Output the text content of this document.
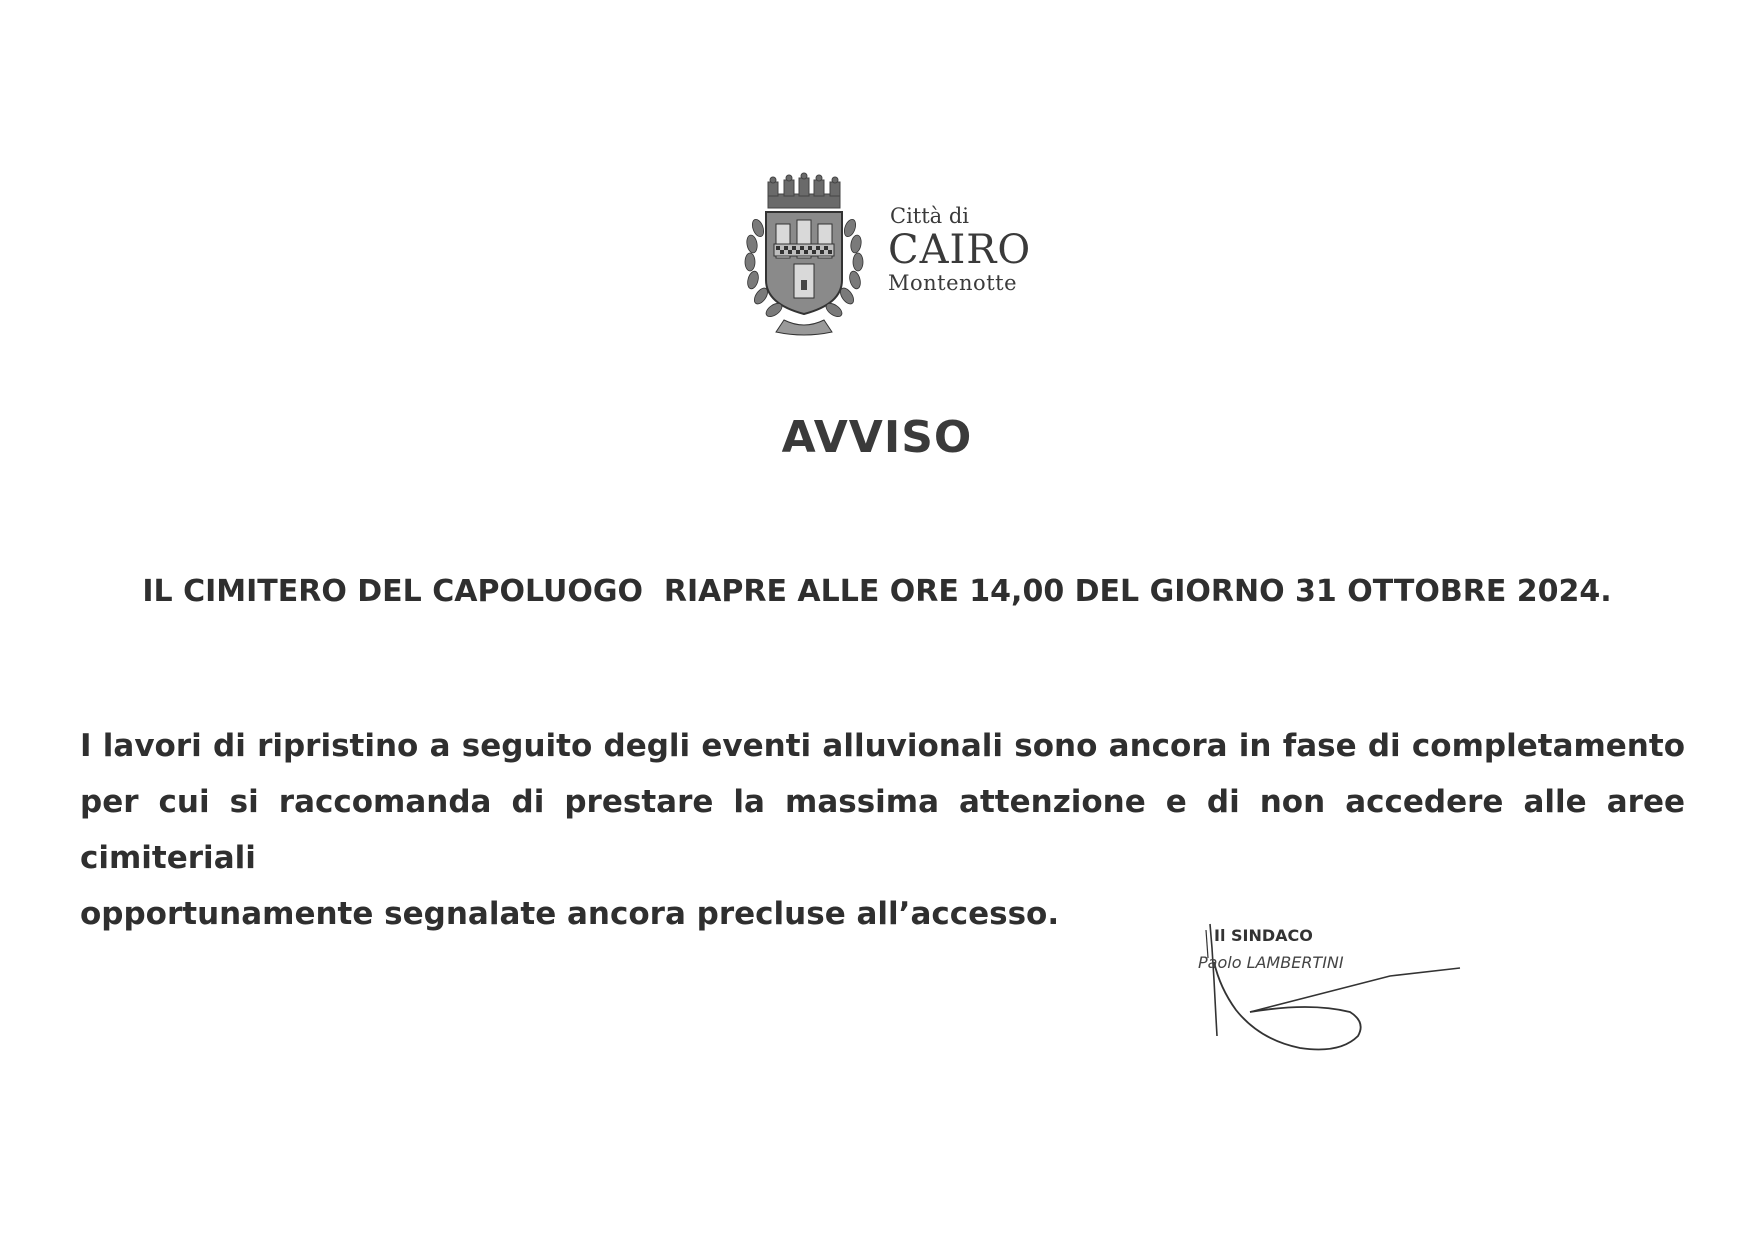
Città di
CAIRO
Montenotte
AVVISO
IL CIMITERO DEL CAPOLUOGO  RIAPRE ALLE ORE 14,00 DEL GIORNO 31 OTTOBRE 2024.
I lavori di ripristino a seguito degli eventi alluvionali sono ancora in fase di completamento
per cui si raccomanda di prestare la massima attenzione e di non accedere alle aree cimiteriali
opportunamente segnalate ancora precluse all’accesso.
Il SINDACO
Paolo LAMBERTINI
